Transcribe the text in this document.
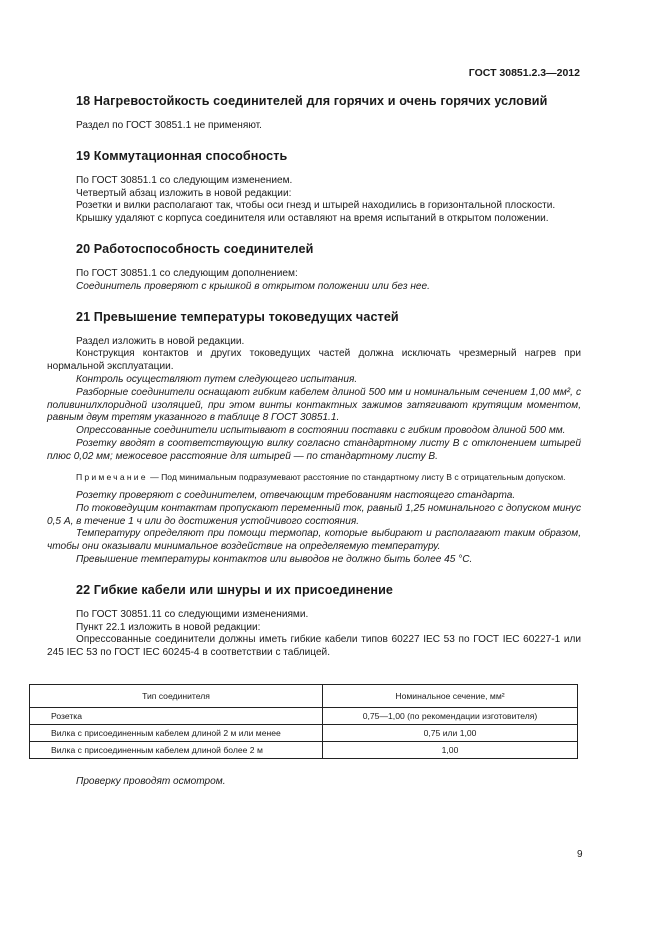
ГОСТ 30851.2.3—2012
18 Нагревостойкость соединителей для горячих и очень горячих условий

Раздел по ГОСТ 30851.1 не применяют.

19 Коммутационная способность

По ГОСТ 30851.1 со следующим изменением.

Четвертый абзац изложить в новой редакции:

Розетки и вилки располагают так, чтобы оси гнезд и штырей находились в горизонтальной плоскости.

Крышку удаляют с корпуса соединителя или оставляют на время испытаний в открытом положении.

20 Работоспособность соединителей

По ГОСТ 30851.1 со следующим дополнением:

Соединитель проверяют с крышкой в открытом положении или без нее.

21 Превышение температуры токоведущих частей

Раздел изложить в новой редакции.

Конструкция контактов и других токоведущих частей должна исключать чрезмерный нагрев при нормальной эксплуатации.

Контроль осуществляют путем следующего испытания.

Разборные соединители оснащают гибким кабелем длиной 500 мм и номинальным сечением 1,00 мм², с поливинилхлоридной изоляцией, при этом винты контактных зажимов затягивают крутящим моментом, равным двум третям указанного в таблице 8 ГОСТ 30851.1.

Опрессованные соединители испытывают в состоянии поставки с гибким проводом длиной 500 мм.

Розетку вводят в соответствующую вилку согласно стандартному листу В с отклонением штырей плюс 0,02 мм; межосевое расстояние для штырей — по стандартному листу В.

Примечание — Под минимальным подразумевают расстояние по стандартному листу В с отрицательным допуском.

Розетку проверяют с соединителем, отвечающим требованиям настоящего стандарта.

По токоведущим контактам пропускают переменный ток, равный 1,25 номинального с допуском минус 0,5 А, в течение 1 ч или до достижения устойчивого состояния.

Температуру определяют при помощи термопар, которые выбирают и располагают таким образом, чтобы они оказывали минимальное воздействие на определяемую температуру.

Превышение температуры контактов или выводов не должно быть более 45 °С.

22 Гибкие кабели или шнуры и их присоединение

По ГОСТ 30851.11 со следующими изменениями.

Пункт 22.1 изложить в новой редакции:

Опрессованные соединители должны иметь гибкие кабели типов 60227 IEC 53 по ГОСТ IEC 60227-1 или 245 IEC 53 по ГОСТ IEC 60245-4 в соответствии с таблицей.

Тип соединителя	Номинальное сечение, мм²
Розетка	0,75—1,00 (по рекомендации изготовителя)
Вилка с присоединенным кабелем длиной 2 м или менее	0,75 или 1,00
Вилка с присоединенным кабелем длиной более 2 м	1,00

Проверку проводят осмотром.

9
